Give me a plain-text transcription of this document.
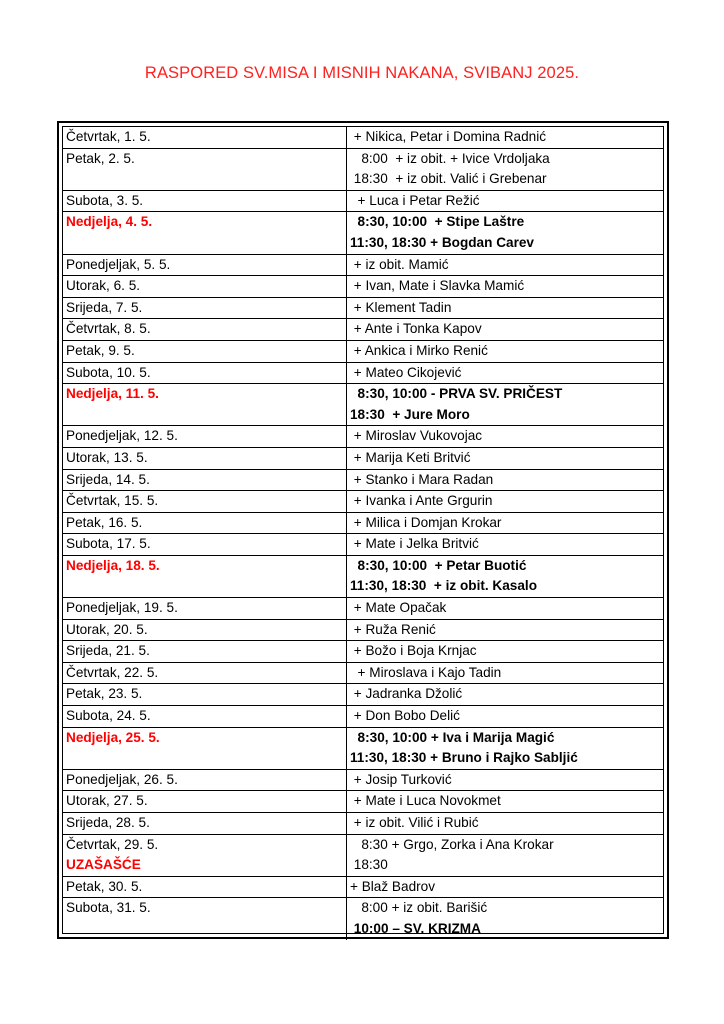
RASPORED SV.MISA I MISNIH NAKANA, SVIBANJ 2025.
Četvrtak, 1. 5.	+ Nikica, Petar i Domina Radnić

Petak, 2. 5.	8:00  + iz obit. + Ivice Vrdoljaka
18:30  + iz obit. Valić i Grebenar

Subota, 3. 5.	+ Luca i Petar Režić

Nedjelja, 4. 5.	8:30, 10:00  + Stipe Laštre
11:30, 18:30 + Bogdan Carev

Ponedjeljak, 5. 5.	+ iz obit. Mamić

Utorak, 6. 5.	+ Ivan, Mate i Slavka Mamić

Srijeda, 7. 5.	+ Klement Tadin

Četvrtak, 8. 5.	+ Ante i Tonka Kapov

Petak, 9. 5.	+ Ankica i Mirko Renić

Subota, 10. 5.	+ Mateo Cikojević

Nedjelja, 11. 5.	8:30, 10:00 - PRVA SV. PRIČEST
18:30  + Jure Moro

Ponedjeljak, 12. 5.	+ Miroslav Vukovojac

Utorak, 13. 5.	+ Marija Keti Britvić

Srijeda, 14. 5.	+ Stanko i Mara Radan

Četvrtak, 15. 5.	+ Ivanka i Ante Grgurin

Petak, 16. 5.	+ Milica i Domjan Krokar

Subota, 17. 5.	+ Mate i Jelka Britvić

Nedjelja, 18. 5.	8:30, 10:00  + Petar Buotić
11:30, 18:30  + iz obit. Kasalo

Ponedjeljak, 19. 5.	+ Mate Opačak

Utorak, 20. 5.	+ Ruža Renić

Srijeda, 21. 5.	+ Božo i Boja Krnjac

Četvrtak, 22. 5.	+ Miroslava i Kajo Tadin

Petak, 23. 5.	+ Jadranka Džolić

Subota, 24. 5.	+ Don Bobo Delić

Nedjelja, 25. 5.	8:30, 10:00 + Iva i Marija Magić
11:30, 18:30 + Bruno i Rajko Sabljić

Ponedjeljak, 26. 5.	+ Josip Turković

Utorak, 27. 5.	+ Mate i Luca Novokmet

Srijeda, 28. 5.	+ iz obit. Vilić i Rubić

Četvrtak, 29. 5.
UZAŠAŠĆE	8:30 + Grgo, Zorka i Ana Krokar
18:30

Petak, 30. 5.	+ Blaž Badrov

Subota, 31. 5.	8:00 + iz obit. Barišić
10:00 – SV. KRIZMA
